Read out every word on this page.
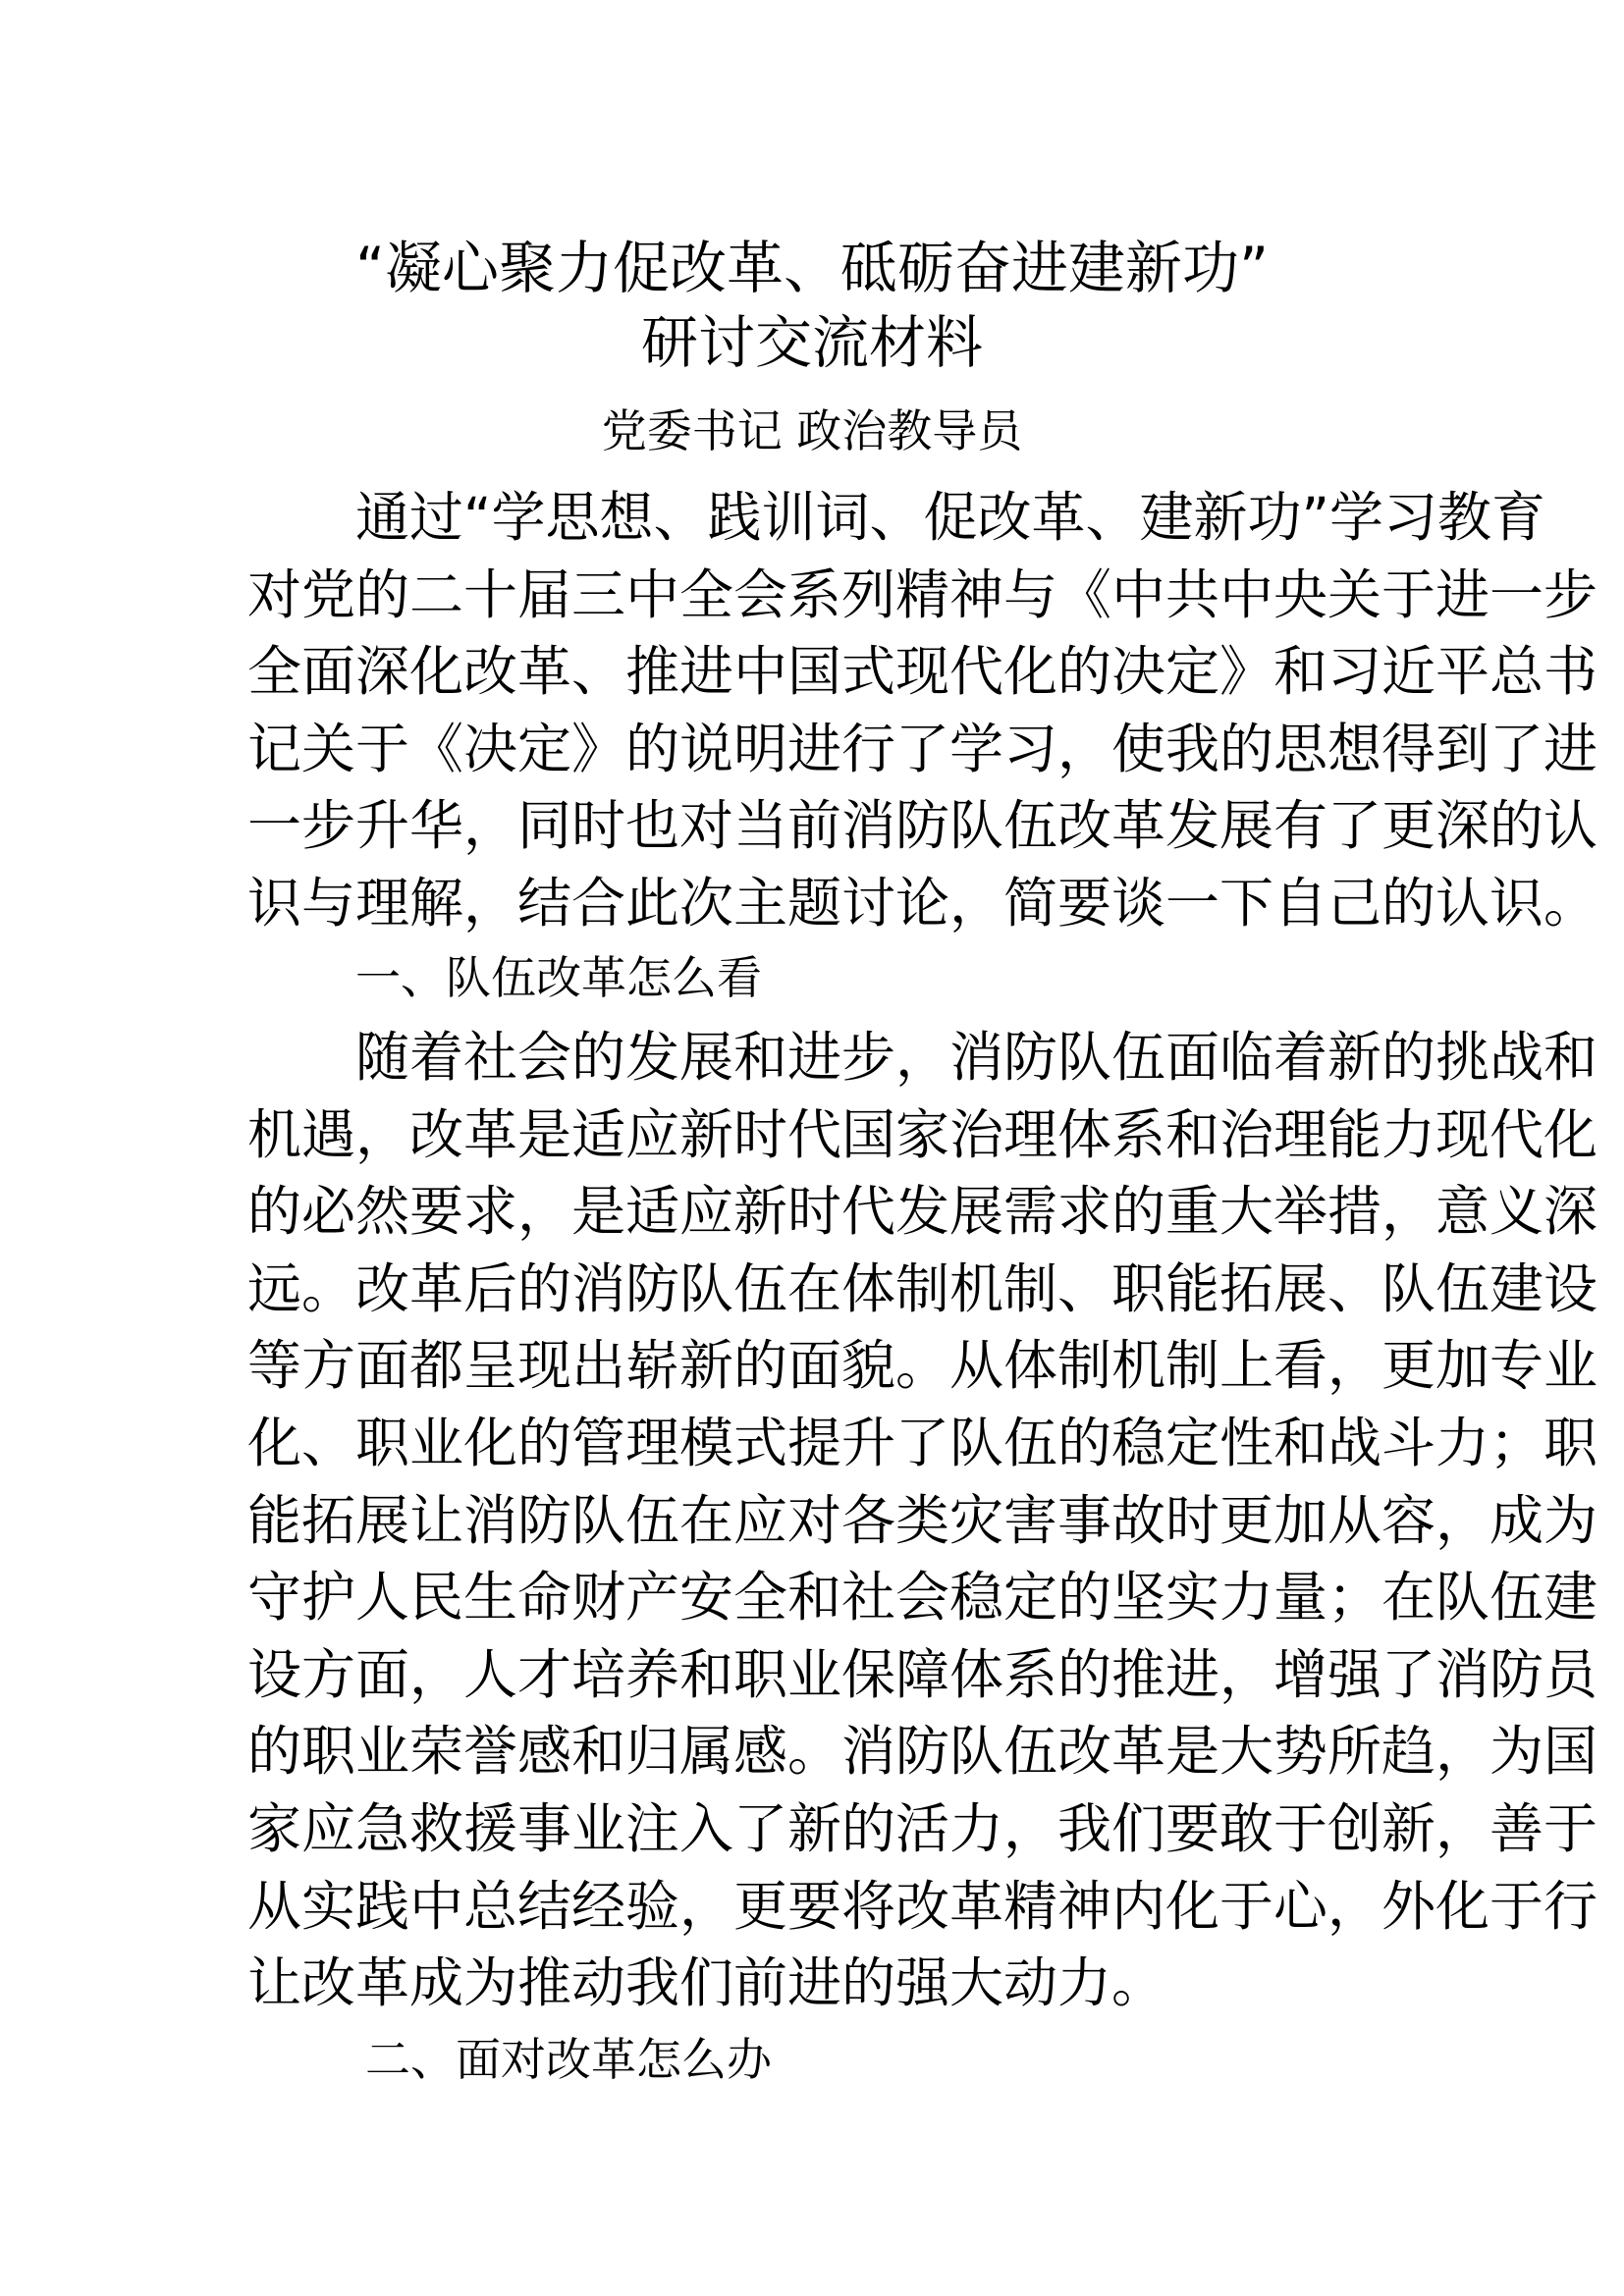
“凝心聚力促改革、砥砺奋进建新功”
研讨交流材料
党委书记 政治教导员
通过“学思想、践训词、促改革、建新功”学习教育
对党的二十届三中全会系列精神与《中共中央关于进一步
全面深化改革、推进中国式现代化的决定》和习近平总书
记关于《决定》的说明进行了学习，使我的思想得到了进
一步升华，同时也对当前消防队伍改革发展有了更深的认
识与理解，结合此次主题讨论，简要谈一下自己的认识。
一、队伍改革怎么看
随着社会的发展和进步，消防队伍面临着新的挑战和
机遇，改革是适应新时代国家治理体系和治理能力现代化
的必然要求，是适应新时代发展需求的重大举措，意义深
远。改革后的消防队伍在体制机制、职能拓展、队伍建设
等方面都呈现出崭新的面貌。从体制机制上看，更加专业
化、职业化的管理模式提升了队伍的稳定性和战斗力；职
能拓展让消防队伍在应对各类灾害事故时更加从容，成为
守护人民生命财产安全和社会稳定的坚实力量；在队伍建
设方面，人才培养和职业保障体系的推进，增强了消防员
的职业荣誉感和归属感。消防队伍改革是大势所趋，为国
家应急救援事业注入了新的活力，我们要敢于创新，善于
从实践中总结经验，更要将改革精神内化于心，外化于行
让改革成为推动我们前进的强大动力。
二、面对改革怎么办
